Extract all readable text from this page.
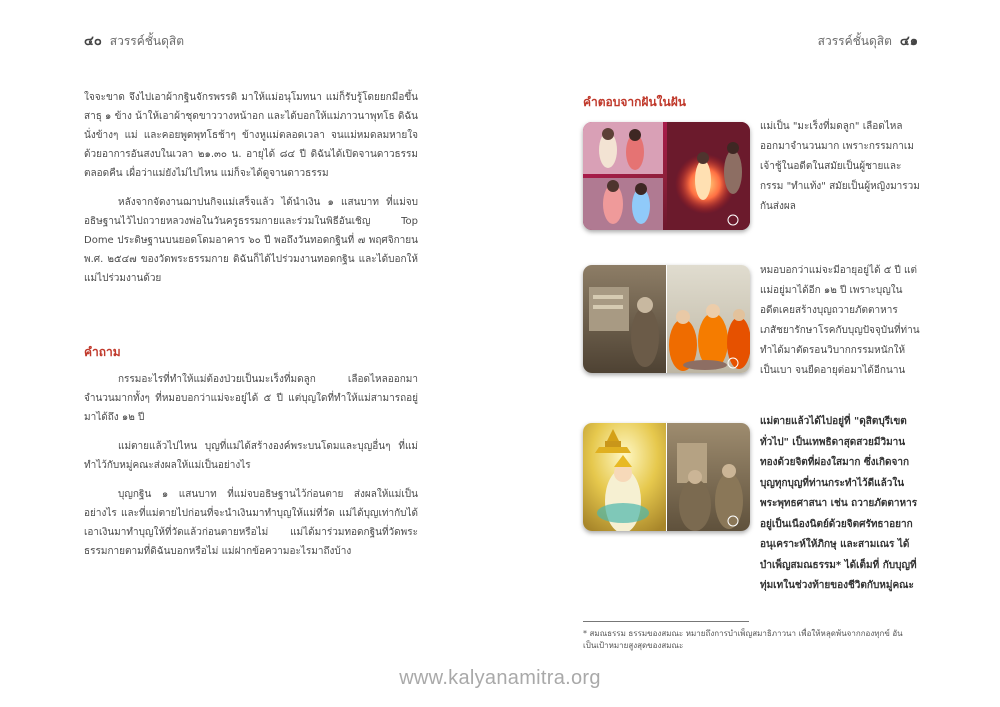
๔๐ สวรรค์ชั้นดุสิต	สวรรค์ชั้นดุสิต ๔๑

ใจจะขาด จึงไปเอาผ้ากฐินจักรพรรดิ มาให้แม่อนุโมทนา แม่ก็รับรู้โดยยกมือขึ้นสาธุ ๑ ข้าง น้าให้เอาผ้าชุดขาววางหน้าอก และได้บอกให้แม่ภาวนาพุทโธ ดิฉันนั่งข้างๆ แม่ และคอยพูดพุทโธช้าๆ ข้างหูแม่ตลอดเวลา จนแม่หมดลมหายใจด้วยอาการอันสงบในเวลา ๒๑.๓๐ น. อายุได้ ๘๔ ปี ดิฉันได้เปิดจานดาวธรรมตลอดคืน เผื่อว่าแม่ยังไม่ไปไหน แม่ก็จะได้ดูจานดาวธรรม

หลังจากจัดงานฌาปนกิจแม่เสร็จแล้ว ได้นำเงิน ๑ แสนบาท ที่แม่จบอธิษฐานไว้ไปถวายหลวงพ่อในวันครูธรรมกายและร่วมในพิธีอันเชิญ Top Dome ประดิษฐานบนยอดโดมอาคาร ๖๐ ปี พอถึงวันทอดกฐินที่ ๗ พฤศจิกายน พ.ศ. ๒๕๔๗ ของวัดพระธรรมกาย ดิฉันก็ได้ไปร่วมงานทอดกฐิน และได้บอกให้แม่ไปร่วมงานด้วย

คำถาม

กรรมอะไรที่ทำให้แม่ต้องป่วยเป็นมะเร็งที่มดลูก เลือดไหลออกมาจำนวนมากทั้งๆ ที่หมอบอกว่าแม่จะอยู่ได้ ๕ ปี แต่บุญใดที่ทำให้แม่สามารถอยู่มาได้ถึง ๑๒ ปี

แม่ตายแล้วไปไหน บุญที่แม่ได้สร้างองค์พระบนโดมและบุญอื่นๆ ที่แม่ทำไว้กับหมู่คณะส่งผลให้แม่เป็นอย่างไร

บุญกฐิน ๑ แสนบาท ที่แม่จบอธิษฐานไว้ก่อนตาย ส่งผลให้แม่เป็นอย่างไร และที่แม่ตายไปก่อนที่จะนำเงินมาทำบุญให้แม่ที่วัด แม่ได้บุญเท่ากับได้เอาเงินมาทำบุญให้ที่วัดแล้วก่อนตายหรือไม่ แม่ได้มาร่วมทอดกฐินที่วัดพระธรรมกายตามที่ดิฉันบอกหรือไม่ แม่ฝากข้อความอะไรมาถึงบ้าง

คำตอบจากฝันในฝัน
แม่เป็น "มะเร็งที่มดลูก" เลือดไหลออกมาจำนวนมาก เพราะกรรมกาเมเจ้าชู้ในอดีตในสมัยเป็นผู้ชายและกรรม "ทำแท้ง" สมัยเป็นผู้หญิงมารวมกันส่งผล
หมอบอกว่าแม่จะมีอายุอยู่ได้ ๕ ปี แต่แม่อยู่มาได้อีก ๑๒ ปี เพราะบุญในอดีตเคยสร้างบุญถวายภัตตาหาร เภสัชยารักษาโรคกับบุญปัจจุบันที่ท่านทำได้มาตัดรอนวิบากกรรมหนักให้เป็นเบา จนยืดอายุต่อมาได้อีกนาน
แม่ตายแล้วได้ไปอยู่ที่ "ดุสิตบุรีเขตทั่วไป" เป็นเทพธิดาสุดสวยมีวิมานทองด้วยจิตที่ผ่องใสมาก ซึ่งเกิดจากบุญทุกบุญที่ท่านกระทำไว้ดีแล้วในพระพุทธศาสนา เช่น ถวายภัตตาหารอยู่เป็นเนืองนิตย์ด้วยจิตศรัทธาอยากอนุเคราะห์ให้ภิกษุ และสามเณร ได้บำเพ็ญสมณธรรม* ได้เต็มที่ กับบุญที่ทุ่มเทในช่วงท้ายของชีวิตกับหมู่คณะ
* สมณธรรม ธรรมของสมณะ หมายถึงการบำเพ็ญสมาธิภาวนา เพื่อให้หลุดพ้นจากกองทุกข์ อันเป็นเป้าหมายสูงสุดของสมณะ
www.kalyanamitra.org
